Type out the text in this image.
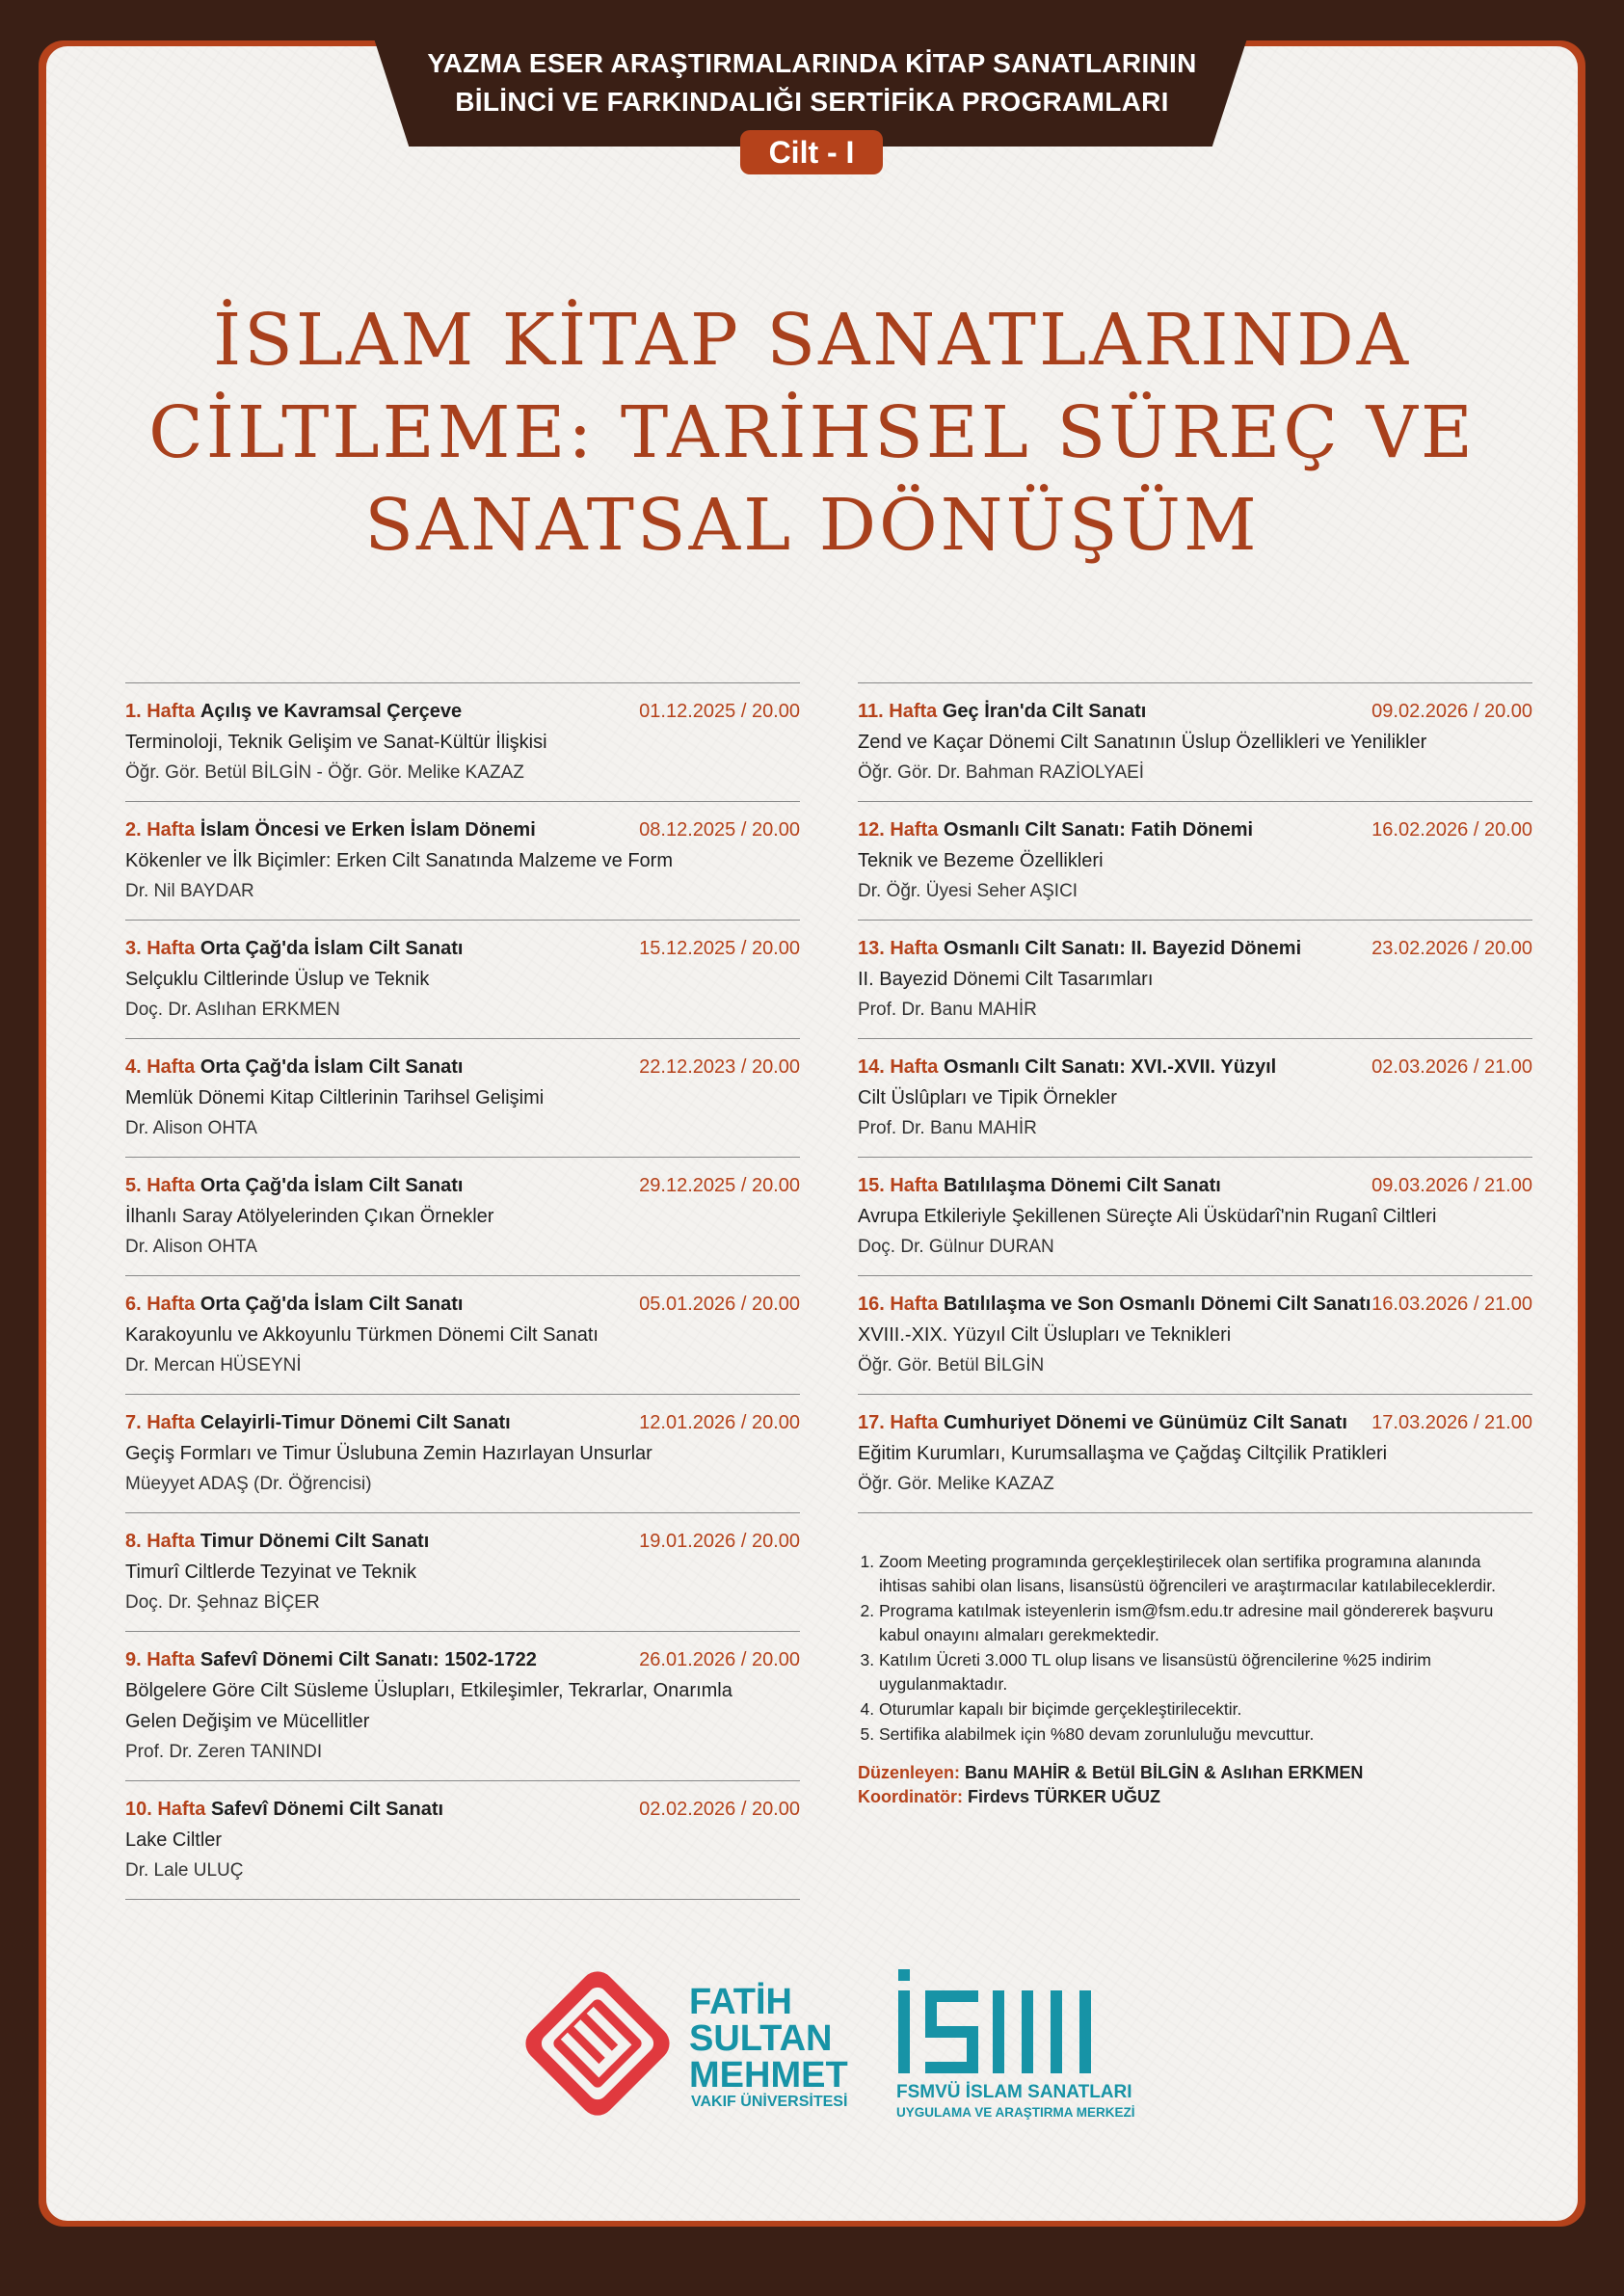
YAZMA ESER ARAŞTIRMALARINDA KİTAP SANATLARININ
BİLİNCİ VE FARKINDALIĞI SERTİFİKA PROGRAMLARI
Cilt - I
İSLAM KİTAP SANATLARINDA
CİLTLEME: TARİHSEL SÜREÇ VE
SANATSAL DÖNÜŞÜM
1. Hafta Açılış ve Kavramsal Çerçeve	01.12.2025 / 20.00
Terminoloji, Teknik Gelişim ve Sanat-Kültür İlişkisi
Öğr. Gör. Betül BİLGİN - Öğr. Gör. Melike KAZAZ
2. Hafta İslam Öncesi ve Erken İslam Dönemi	08.12.2025 / 20.00
Kökenler ve İlk Biçimler: Erken Cilt Sanatında Malzeme ve Form
Dr. Nil BAYDAR
3. Hafta Orta Çağ'da İslam Cilt Sanatı	15.12.2025 / 20.00
Selçuklu Ciltlerinde Üslup ve Teknik
Doç. Dr. Aslıhan ERKMEN
4. Hafta Orta Çağ'da İslam Cilt Sanatı	22.12.2023 / 20.00
Memlük Dönemi Kitap Ciltlerinin Tarihsel Gelişimi
Dr. Alison OHTA
5. Hafta Orta Çağ'da İslam Cilt Sanatı	29.12.2025 / 20.00
İlhanlı Saray Atölyelerinden Çıkan Örnekler
Dr. Alison OHTA
6. Hafta Orta Çağ'da İslam Cilt Sanatı	05.01.2026 / 20.00
Karakoyunlu ve Akkoyunlu Türkmen Dönemi Cilt Sanatı
Dr. Mercan HÜSEYNİ
7. Hafta Celayirli-Timur Dönemi Cilt Sanatı	12.01.2026 / 20.00
Geçiş Formları ve Timur Üslubuna Zemin Hazırlayan Unsurlar
Müeyyet ADAŞ (Dr. Öğrencisi)
8. Hafta Timur Dönemi Cilt Sanatı	19.01.2026 / 20.00
Timurî Ciltlerde Tezyinat ve Teknik
Doç. Dr. Şehnaz BİÇER
9. Hafta Safevî Dönemi Cilt Sanatı: 1502-1722	26.01.2026 / 20.00
Bölgelere Göre Cilt Süsleme Üslupları, Etkileşimler, Tekrarlar, Onarımla
Gelen Değişim ve Mücellitler
Prof. Dr. Zeren TANINDI
10. Hafta Safevî Dönemi Cilt Sanatı	02.02.2026 / 20.00
Lake Ciltler
Dr. Lale ULUÇ
11. Hafta Geç İran'da Cilt Sanatı	09.02.2026 / 20.00
Zend ve Kaçar Dönemi Cilt Sanatının Üslup Özellikleri ve Yenilikler
Öğr. Gör. Dr. Bahman RAZİOLYAEİ
12. Hafta Osmanlı Cilt Sanatı: Fatih Dönemi	16.02.2026 / 20.00
Teknik ve Bezeme Özellikleri
Dr. Öğr. Üyesi Seher AŞICI
13. Hafta Osmanlı Cilt Sanatı: II. Bayezid Dönemi	23.02.2026 / 20.00
II. Bayezid Dönemi Cilt Tasarımları
Prof. Dr. Banu MAHİR
14. Hafta Osmanlı Cilt Sanatı: XVI.-XVII. Yüzyıl	02.03.2026 / 21.00
Cilt Üslûpları ve Tipik Örnekler
Prof. Dr. Banu MAHİR
15. Hafta Batılılaşma Dönemi Cilt Sanatı	09.03.2026 / 21.00
Avrupa Etkileriyle Şekillenen Süreçte Ali Üsküdarî'nin Ruganî Ciltleri
Doç. Dr. Gülnur DURAN
16. Hafta Batılılaşma ve Son Osmanlı Dönemi Cilt Sanatı 16.03.2026 / 21.00
XVIII.-XIX. Yüzyıl Cilt Üslupları ve Teknikleri
Öğr. Gör. Betül BİLGİN
17. Hafta Cumhuriyet Dönemi ve Günümüz Cilt Sanatı 17.03.2026 / 21.00
Eğitim Kurumları, Kurumsallaşma ve Çağdaş Ciltçilik Pratikleri
Öğr. Gör. Melike KAZAZ
1. Zoom Meeting programında gerçekleştirilecek olan sertifika programına alanında ihtisas sahibi olan lisans, lisansüstü öğrencileri ve araştırmacılar katılabileceklerdir.
2. Programa katılmak isteyenlerin ism@fsm.edu.tr adresine mail göndererek başvuru kabul onayını almaları gerekmektedir.
3. Katılım Ücreti 3.000 TL olup lisans ve lisansüstü öğrencilerine %25 indirim uygulanmaktadır.
4. Oturumlar kapalı bir biçimde gerçekleştirilecektir.
5. Sertifika alabilmek için %80 devam zorunluluğu mevcuttur.
Düzenleyen: Banu MAHİR & Betül BİLGİN & Aslıhan ERKMEN
Koordinatör: Firdevs TÜRKER UĞUZ
FATİH
SULTAN
MEHMET
VAKIF ÜNİVERSİTESİ	FSMVÜ İSLAM SANATLARI
UYGULAMA VE ARAŞTIRMA MERKEZİ
